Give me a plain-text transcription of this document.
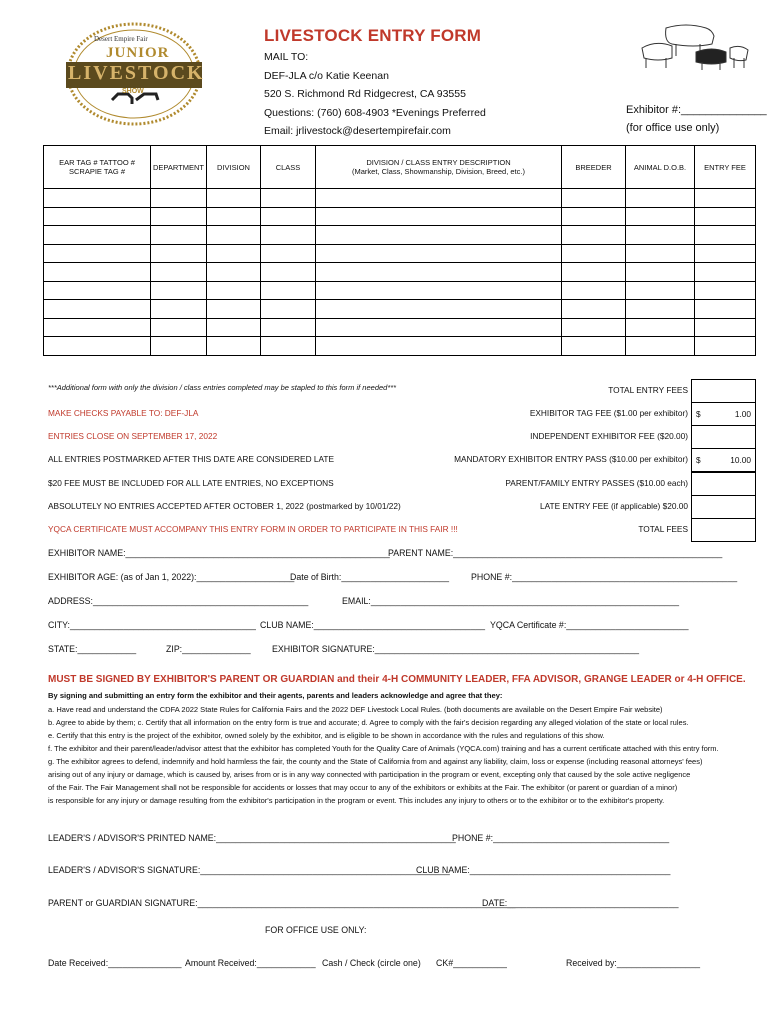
Desert Empire Fair
JUNIOR
LIVESTOCK
SHOW
LIVESTOCK ENTRY FORM
MAIL TO:
DEF-JLA c/o Katie Keenan
520 S. Richmond Rd Ridgecrest, CA 93555
Questions: (760) 608-4903 *Evenings Preferred
Email: jrlivestock@desertempirefair.com
Exhibitor #:______________
(for office use only)
EAR TAG # TATTOO #
SCRAPIE TAG #	DEPARTMENT	DIVISION	CLASS	DIVISION / CLASS ENTRY DESCRIPTION
(Market, Class, Showmanship, Division, Breed, etc.)	BREEDER	ANIMAL D.O.B.	ENTRY FEE

***Additional form with only the division / class entries completed may be stapled to this form if needed***	TOTAL ENTRY FEES
MAKE CHECKS PAYABLE TO: DEF-JLA	EXHIBITOR TAG FEE ($1.00 per exhibitor) $	1.00
ENTRIES CLOSE ON SEPTEMBER 17, 2022	INDEPENDENT EXHIBITOR FEE ($20.00)
ALL ENTRIES POSTMARKED AFTER THIS DATE ARE CONSIDERED LATE	MANDATORY EXHIBITOR ENTRY PASS ($10.00 per exhibitor) $	10.00
$20 FEE MUST BE INCLUDED FOR ALL LATE ENTRIES, NO EXCEPTIONS	PARENT/FAMILY ENTRY PASSES ($10.00 each)
ABSOLUTELY NO ENTRIES ACCEPTED AFTER OCTOBER 1, 2022 (postmarked by 10/01/22)	LATE ENTRY FEE (if applicable) $20.00
YQCA CERTIFICATE MUST ACCOMPANY THIS ENTRY FORM IN ORDER TO PARTICIPATE IN THIS FAIR !!!	TOTAL FEES
EXHIBITOR NAME:______________________________________________________
PARENT NAME:_______________________________________________________
EXHIBITOR AGE: (as of Jan 1, 2022):____________________
Date of Birth:______________________	PHONE #:______________________________________________
ADDRESS:____________________________________________	EMAIL:_______________________________________________________________
CITY:______________________________________ CLUB NAME:___________________________________ YQCA Certificate #:_________________________
STATE:____________	ZIP:______________ EXHIBITOR SIGNATURE:______________________________________________________
MUST BE SIGNED BY EXHIBITOR'S PARENT OR GUARDIAN and their 4-H COMMUNITY LEADER, FFA ADVISOR, GRANGE LEADER or 4-H OFFICE.
By signing and submitting an entry form the exhibitor and their agents, parents and leaders acknowledge and agree that they:

a. Have read and understand the CDFA 2022 State Rules for California Fairs and the 2022 DEF Livestock Local Rules. (both documents are available on the Desert Empire Fair website)

b. Agree to abide by them; c. Certify that all information on the entry form is true and accurate; d. Agree to comply with the fair's decision regarding any alleged violation of the state or local rules.

e. Certify that this entry is the project of the exhibitor, owned solely by the exhibitor, and is eligible to be shown in accordance with the rules and regulations of this show.

f. The exhibitor and their parent/leader/advisor attest that the exhibitor has completed Youth for the Quality Care of Animals (YQCA.com) training and has a current certificate attached with this entry form.

g. The exhibitor agrees to defend, indemnify and hold harmless the fair, the county and the State of California from and against any liability, claim, loss or expense (including reasonal attorneys' fees)

arising out of any injury or damage, which is caused by, arises from or is in any way connected with participation in the program or event, excepting only that caused by the sole active negligence

of the Fair. The Fair Management shall not be responsible for accidents or losses that may occur to any of the exhibitors or exhibits at the Fair. The exhibitor (or parent or guardian of a minor)

is responsible for any injury or damage resulting from the exhibitor's participation in the program or event. This includes any injury to others or to the exhibitor or to the exhibitor's property.

LEADER'S / ADVISOR'S PRINTED NAME:_________________________________________________
PHONE #:____________________________________
LEADER'S / ADVISOR'S SIGNATURE:___________________________________________________
CLUB NAME:_________________________________________
PARENT or GUARDIAN SIGNATURE:_________________________________________________________________
DATE:___________________________________
FOR OFFICE USE ONLY:
Date Received:_______________ Amount Received:____________ Cash / Check (circle one) CK#___________	Received by:_________________
